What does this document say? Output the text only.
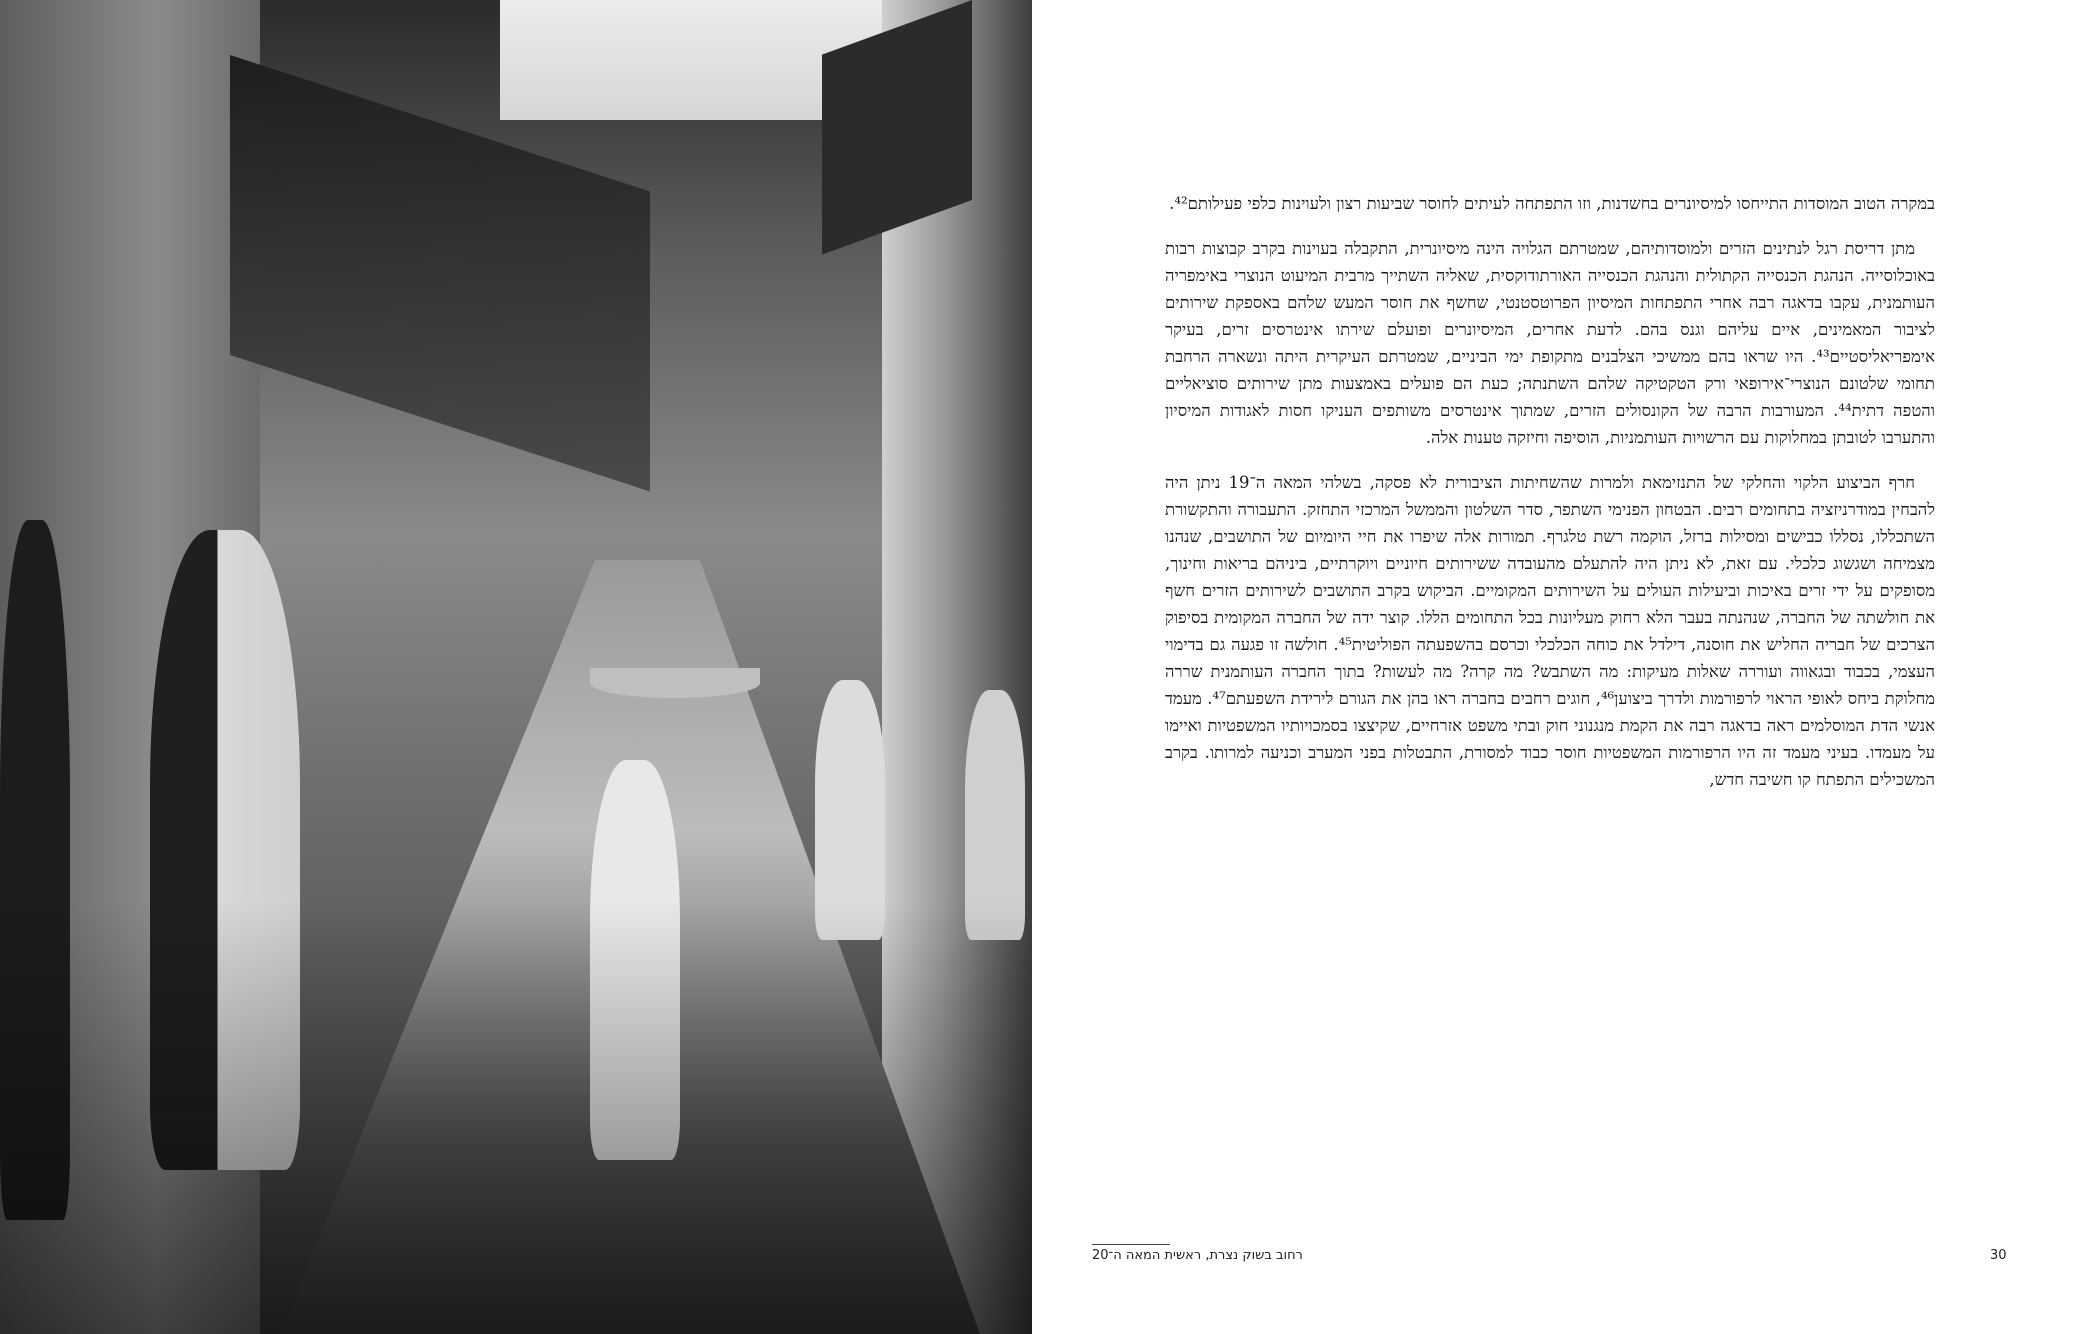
במקרה הטוב המוסדות התייחסו למיסיונרים בחשדנות, וזו התפתחה לעיתים לחוסר שביעות רצון ולעוינות כלפי פעילותם⁴².

מתן דריסת רגל לנתינים הזרים ולמוסדותיהם, שמטרתם הגלויה הינה מיסיונרית, התקבלה בעוינות בקרב קבוצות רבות באוכלוסייה. הנהגת הכנסייה הקתולית והנהגת הכנסייה האורתודוקסית, שאליה השתייך מרבית המיעוט הנוצרי באימפריה העותמנית, עקבו בדאגה רבה אחרי התפתחות המיסיון הפרוטסטנטי, שחשף את חוסר המעש שלהם באספקת שירותים לציבור המאמינים, איים עליהם וגנס בהם. לדעת אחרים, המיסיונרים ופועלם שירתו אינטרסים זרים, בעיקר אימפריאליסטיים⁴³. היו שראו בהם ממשיכי הצלבנים מתקופת ימי הביניים, שמטרתם העיקרית היתה ונשארה הרחבת תחומי שלטונם הנוצרי־אירופאי ורק הטקטיקה שלהם השתנתה; כעת הם פועלים באמצעות מתן שירותים סוציאליים והטפה דתית⁴⁴. המעורבות הרבה של הקונסולים הזרים, שמתוך אינטרסים משותפים העניקו חסות לאגודות המיסיון והתערבו לטובתן במחלוקות עם הרשויות העותמניות, הוסיפה וחיזקה טענות אלה.

חרף הביצוע הלקוי והחלקי של התנזימאת ולמרות שהשחיתות הציבורית לא פסקה, בשלהי המאה ה־19 ניתן היה להבחין במודרניזציה בתחומים רבים. הבטחון הפנימי השתפר, סדר השלטון והממשל המרכזי התחזק. התעבורה והתקשורת השתכללו, נסללו כבישים ומסילות ברזל, הוקמה רשת טלגרף. תמורות אלה שיפרו את חיי היומיום של התושבים, שנהנו מצמיחה ושגשוג כלכלי. עם זאת, לא ניתן היה להתעלם מהעובדה ששירותים חיוניים ויוקרתיים, ביניהם בריאות וחינוך, מסופקים על ידי זרים באיכות וביעילות העולים על השירותים המקומיים. הביקוש בקרב התושבים לשירותים הזרים חשף את חולשתה של החברה, שנהנתה בעבר הלא רחוק מעליונות בכל התחומים הללו. קוצר ידה של החברה המקומית בסיפוק הצרכים של חבריה החליש את חוסנה, דילדל את כוחה הכלכלי וכרסם בהשפעתה הפוליטית⁴⁵. חולשה זו פגעה גם בדימוי העצמי, בכבוד ובגאווה ועוררה שאלות מעיקות: מה השתבש? מה קרה? מה לעשות? בתוך החברה העותמנית שררה מחלוקת ביחס לאופי הראוי לרפורמות ולדרך ביצוען⁴⁶, חוגים רחבים בחברה ראו בהן את הגורם לירידת השפעתם⁴⁷. מעמד אנשי הדת המוסלמים ראה בדאגה רבה את הקמת מנגנוני חוק ובתי משפט אזרחיים, שקיצצו בסמכויותיו המשפטיות ואיימו על מעמדו. בעיני מעמד זה היו הרפורמות המשפטיות חוסר כבוד למסורת, התבטלות בפני המערב וכניעה למרותו. בקרב המשכילים התפתח קו חשיבה חדש,

רחוב בשוק נצרת, ראשית המאה ה־20	30
